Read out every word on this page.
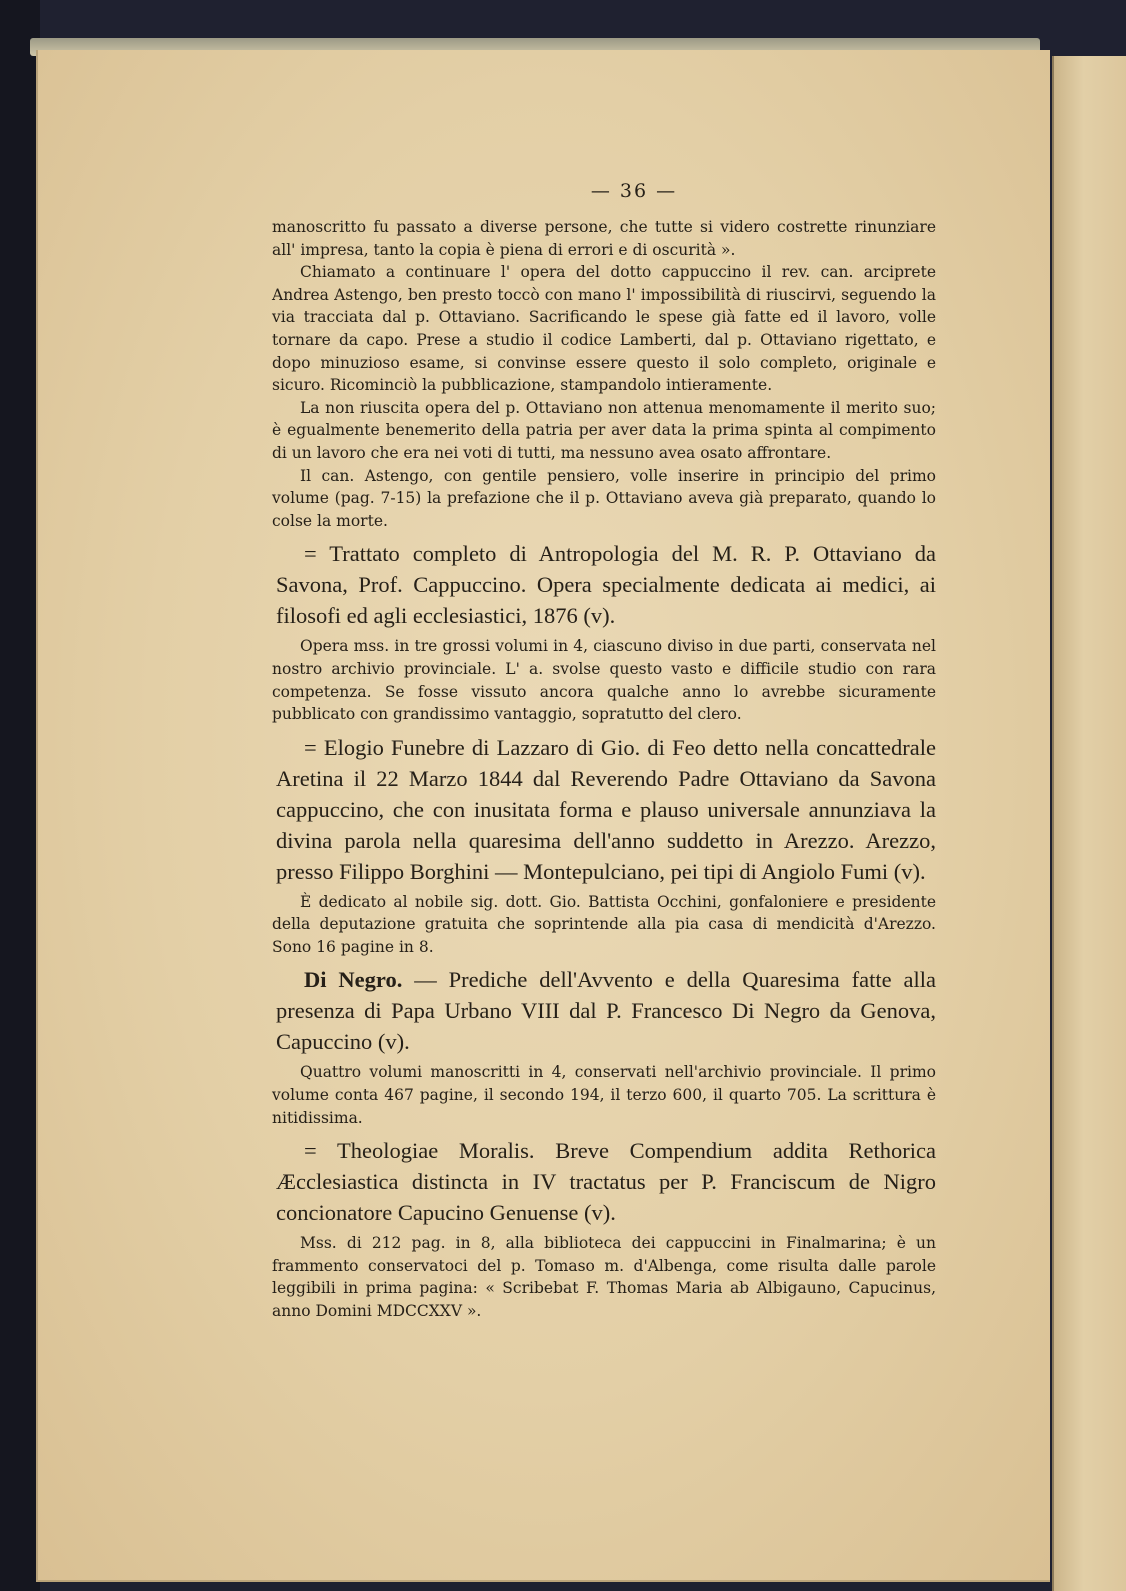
— 36 —

manoscritto fu passato a diverse persone, che tutte si videro costrette rinunziare all' impresa, tanto la copia è piena di errori e di oscurità ».

Chiamato a continuare l' opera del dotto cappuccino il rev. can. arciprete Andrea Astengo, ben presto toccò con mano l' impossibilità di riuscirvi, seguendo la via tracciata dal p. Ottaviano. Sacrificando le spese già fatte ed il lavoro, volle tornare da capo. Prese a studio il codice Lamberti, dal p. Ottaviano rigettato, e dopo minuzioso esame, si convinse essere questo il solo completo, originale e sicuro. Ricominciò la pubblicazione, stampandolo intieramente.

La non riuscita opera del p. Ottaviano non attenua menomamente il merito suo; è egualmente benemerito della patria per aver data la prima spinta al compimento di un lavoro che era nei voti di tutti, ma nessuno avea osato affrontare.

Il can. Astengo, con gentile pensiero, volle inserire in principio del primo volume (pag. 7-15) la prefazione che il p. Ottaviano aveva già preparato, quando lo colse la morte.

= Trattato completo di Antropologia del M. R. P. Ottaviano da Savona, Prof. Cappuccino. Opera specialmente dedicata ai medici, ai filosofi ed agli ecclesiastici, 1876 (v).

Opera mss. in tre grossi volumi in 4, ciascuno diviso in due parti, conservata nel nostro archivio provinciale. L' a. svolse questo vasto e difficile studio con rara competenza. Se fosse vissuto ancora qualche anno lo avrebbe sicuramente pubblicato con grandissimo vantaggio, sopratutto del clero.

= Elogio Funebre di Lazzaro di Gio. di Feo detto nella concattedrale Aretina il 22 Marzo 1844 dal Reverendo Padre Ottaviano da Savona cappuccino, che con inusitata forma e plauso universale annunziava la divina parola nella quaresima dell'anno suddetto in Arezzo. Arezzo, presso Filippo Borghini — Montepulciano, pei tipi di Angiolo Fumi (v).

È dedicato al nobile sig. dott. Gio. Battista Occhini, gonfaloniere e presidente della deputazione gratuita che soprintende alla pia casa di mendicità d'Arezzo. Sono 16 pagine in 8.

Di Negro. — Prediche dell'Avvento e della Quaresima fatte alla presenza di Papa Urbano VIII dal P. Francesco Di Negro da Genova, Capuccino (v).

Quattro volumi manoscritti in 4, conservati nell'archivio provinciale. Il primo volume conta 467 pagine, il secondo 194, il terzo 600, il quarto 705. La scrittura è nitidissima.

= Theologiae Moralis. Breve Compendium addita Rethorica Æcclesiastica distincta in IV tractatus per P. Franciscum de Nigro concionatore Capucino Genuense (v).

Mss. di 212 pag. in 8, alla biblioteca dei cappuccini in Finalmarina; è un frammento conservatoci del p. Tomaso m. d'Albenga, come risulta dalle parole leggibili in prima pagina: « Scribebat F. Thomas Maria ab Albigauno, Capucinus, anno Domini MDCCXXV ».
